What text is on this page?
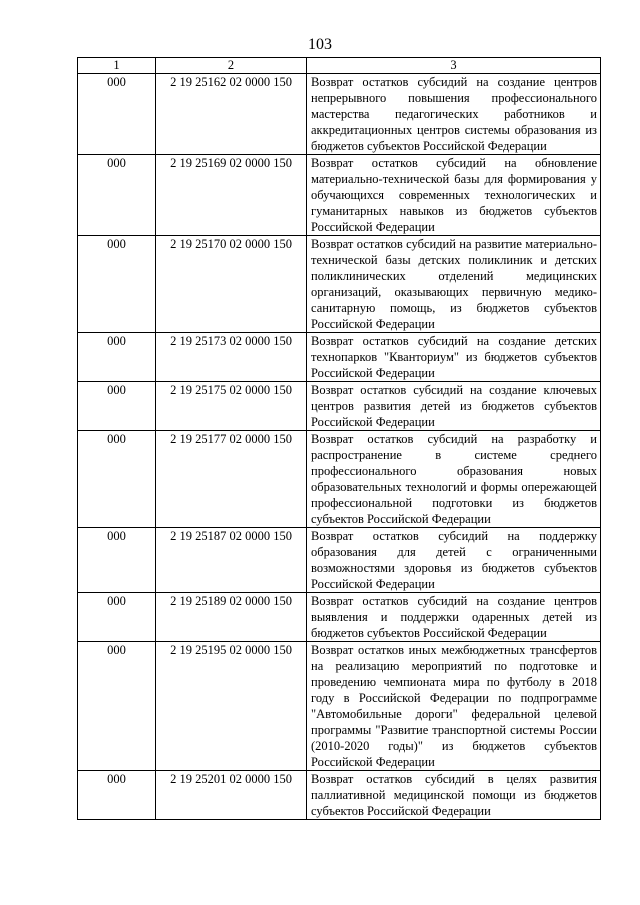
103
1	2	3
000	2 19 25162 02 0000 150	Возврат остатков субсидий на создание центров непрерывного повышения профессионального мастерства педагогических работников и аккредитационных центров системы образования из бюджетов субъектов Российской Федерации
000	2 19 25169 02 0000 150	Возврат остатков субсидий на обновление материально-технической базы для формирования у обучающихся современных технологических и гуманитарных навыков из бюджетов субъектов Российской Федерации
000	2 19 25170 02 0000 150	Возврат остатков субсидий на развитие материально-технической базы детских поликлиник и детских поликлинических отделений медицинских организаций, оказывающих первичную медико-санитарную помощь, из бюджетов субъектов Российской Федерации
000	2 19 25173 02 0000 150	Возврат остатков субсидий на создание детских технопарков "Кванториум" из бюджетов субъектов Российской Федерации
000	2 19 25175 02 0000 150	Возврат остатков субсидий на создание ключевых центров развития детей из бюджетов субъектов Российской Федерации
000	2 19 25177 02 0000 150	Возврат остатков субсидий на разработку и распространение в системе среднего профессионального образования новых образовательных технологий и формы опережающей профессиональной подготовки из бюджетов субъектов Российской Федерации
000	2 19 25187 02 0000 150	Возврат остатков субсидий на поддержку образования для детей с ограниченными возможностями здоровья из бюджетов субъектов Российской Федерации
000	2 19 25189 02 0000 150	Возврат остатков субсидий на создание центров выявления и поддержки одаренных детей из бюджетов субъектов Российской Федерации
000	2 19 25195 02 0000 150	Возврат остатков иных межбюджетных трансфертов на реализацию мероприятий по подготовке и проведению чемпионата мира по футболу в 2018 году в Российской Федерации по подпрограмме "Автомобильные дороги" федеральной целевой программы "Развитие транспортной системы России (2010-2020 годы)" из бюджетов субъектов Российской Федерации
000	2 19 25201 02 0000 150	Возврат остатков субсидий в целях развития паллиативной медицинской помощи из бюджетов субъектов Российской Федерации
